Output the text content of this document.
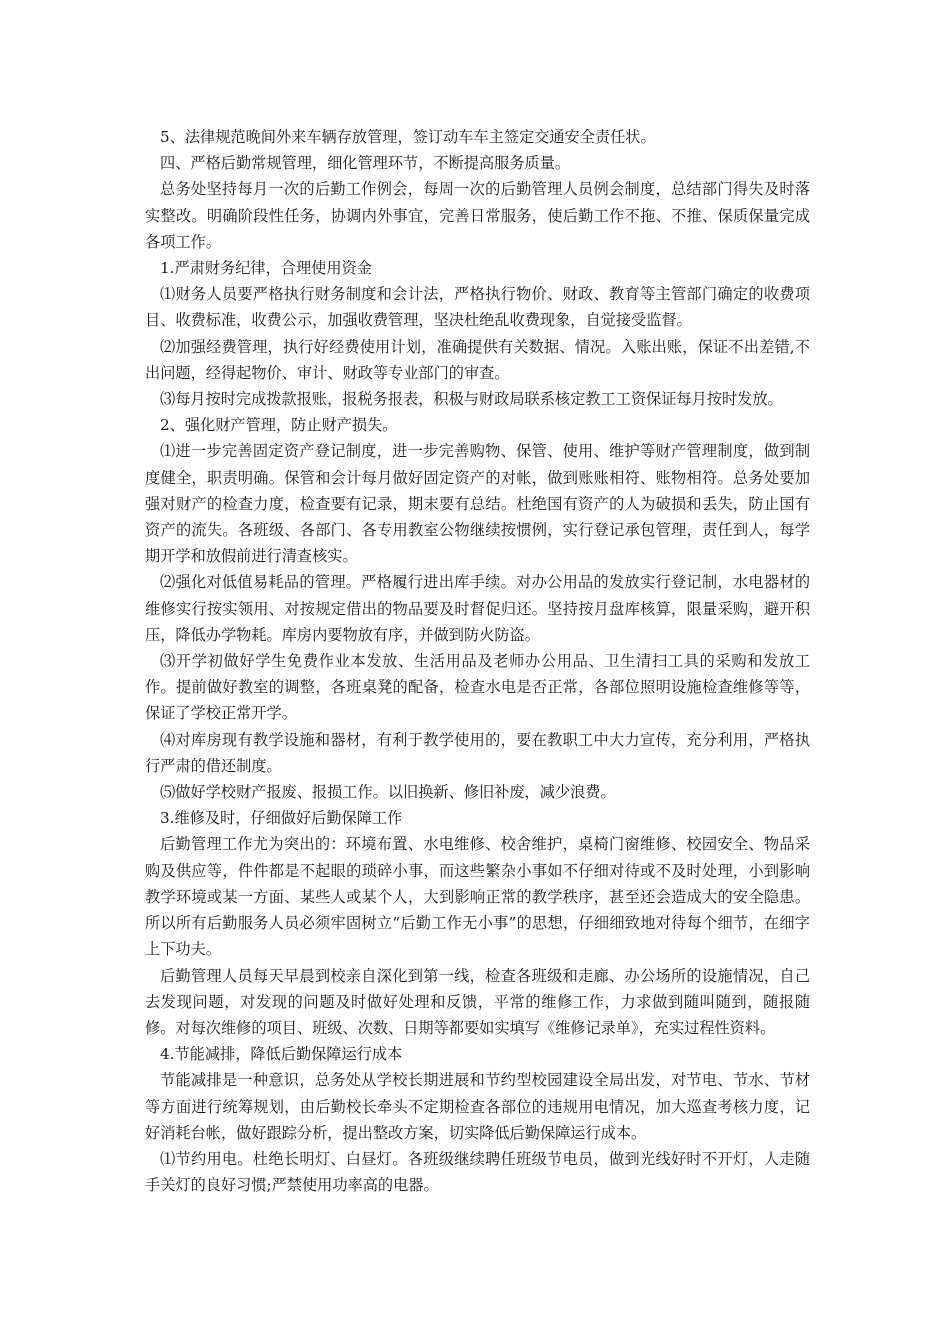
5、法律规范晚间外来车辆存放管理，签订动车车主签定交通安全责任状。

四、严格后勤常规管理，细化管理环节，不断提高服务质量。

总务处坚持每月一次的后勤工作例会，每周一次的后勤管理人员例会制度，总结部门得失及时落实整改。明确阶段性任务，协调内外事宜，完善日常服务，使后勤工作不拖、不推、保质保量完成各项工作。

1.严肃财务纪律，合理使用资金

⑴财务人员要严格执行财务制度和会计法，严格执行物价、财政、教育等主管部门确定的收费项目、收费标准，收费公示，加强收费管理，坚决杜绝乱收费现象，自觉接受监督。

⑵加强经费管理，执行好经费使用计划，准确提供有关数据、情况。入账出账，保证不出差错,不出问题，经得起物价、审计、财政等专业部门的审查。

⑶每月按时完成拨款报账，报税务报表，积极与财政局联系核定教工工资保证每月按时发放。

2、强化财产管理，防止财产损失。

⑴进一步完善固定资产登记制度，进一步完善购物、保管、使用、维护等财产管理制度，做到制度健全，职责明确。保管和会计每月做好固定资产的对帐，做到账账相符、账物相符。总务处要加强对财产的检查力度，检查要有记录，期末要有总结。杜绝国有资产的人为破损和丢失，防止国有资产的流失。各班级、各部门、各专用教室公物继续按惯例，实行登记承包管理，责任到人，每学期开学和放假前进行清查核实。

⑵强化对低值易耗品的管理。严格履行进出库手续。对办公用品的发放实行登记制，水电器材的维修实行按实领用、对按规定借出的物品要及时督促归还。坚持按月盘库核算，限量采购，避开积压，降低办学物耗。库房内要物放有序，并做到防火防盗。

⑶开学初做好学生免费作业本发放、生活用品及老师办公用品、卫生清扫工具的采购和发放工作。提前做好教室的调整，各班桌凳的配备，检查水电是否正常，各部位照明设施检查维修等等，保证了学校正常开学。

⑷对库房现有教学设施和器材，有利于教学使用的，要在教职工中大力宣传，充分利用，严格执行严肃的借还制度。

⑸做好学校财产报废、报损工作。以旧换新、修旧补废，减少浪费。

3.维修及时，仔细做好后勤保障工作

后勤管理工作尤为突出的：环境布置、水电维修、校舍维护，桌椅门窗维修、校园安全、物品采购及供应等，件件都是不起眼的琐碎小事，而这些繁杂小事如不仔细对待或不及时处理，小到影响教学环境或某一方面、某些人或某个人，大到影响正常的教学秩序，甚至还会造成大的安全隐患。所以所有后勤服务人员必须牢固树立“后勤工作无小事”的思想，仔细细致地对待每个细节，在细字上下功夫。

后勤管理人员每天早晨到校亲自深化到第一线，检查各班级和走廊、办公场所的设施情况，自己去发现问题，对发现的问题及时做好处理和反馈，平常的维修工作，力求做到随叫随到，随报随修。对每次维修的项目、班级、次数、日期等都要如实填写《维修记录单》，充实过程性资料。

4.节能减排，降低后勤保障运行成本

节能减排是一种意识，总务处从学校长期进展和节约型校园建设全局出发，对节电、节水、节材等方面进行统筹规划，由后勤校长牵头不定期检查各部位的违规用电情况，加大巡查考核力度，记好消耗台帐，做好跟踪分析，提出整改方案，切实降低后勤保障运行成本。

⑴节约用电。杜绝长明灯、白昼灯。各班级继续聘任班级节电员，做到光线好时不开灯，人走随手关灯的良好习惯;严禁使用功率高的电器。
